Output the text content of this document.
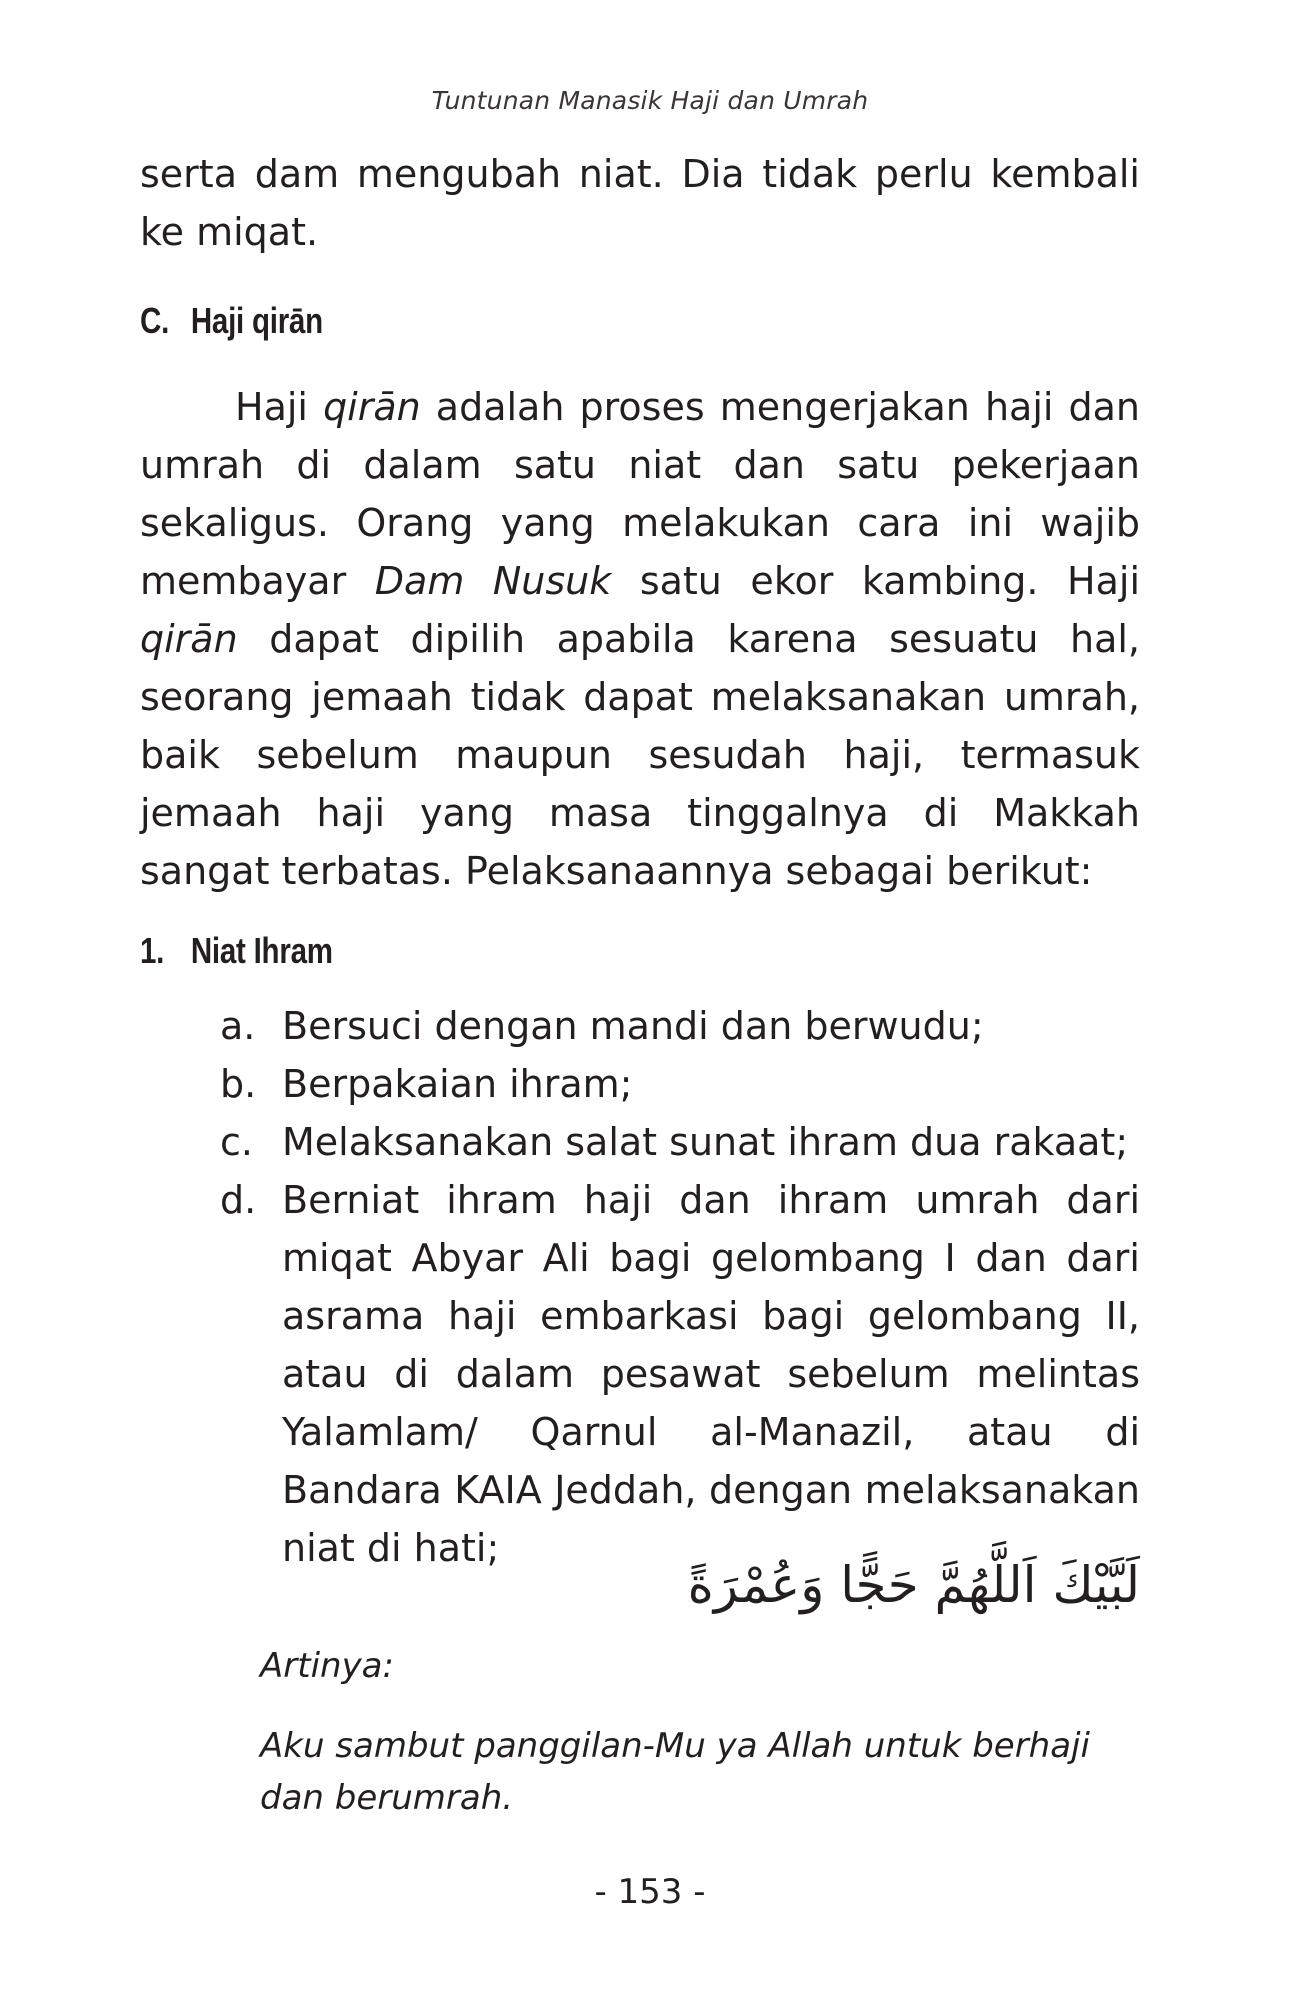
Tuntunan Manasik Haji dan Umrah

serta dam mengubah niat. Dia tidak perlu kembali ke miqat.

C. Haji qirān

Haji qirān adalah proses mengerjakan haji dan umrah di dalam satu niat dan satu pekerjaan sekaligus. Orang yang melakukan cara ini wajib membayar Dam Nusuk satu ekor kambing. Haji qirān dapat dipilih apabila karena sesuatu hal, seorang jemaah tidak dapat melaksanakan umrah, baik sebelum maupun sesudah haji, termasuk jemaah haji yang masa tinggalnya di Makkah sangat terbatas. Pelaksanaannya sebagai berikut:

1. Niat Ihram
a. Bersuci dengan mandi dan berwudu;
b. Berpakaian ihram;
c. Melaksanakan salat sunat ihram dua rakaat;
d. Berniat ihram haji dan ihram umrah dari miqat Abyar Ali bagi gelombang I dan dari asrama haji embarkasi bagi gelombang II, atau di dalam pesawat sebelum melintas Yalamlam/ Qarnul al-Manazil, atau di Bandara KAIA Jeddah, dengan melaksanakan niat di hati;
لَبَّيْكَ اَللَّهُمَّ حَجًّا وَعُمْرَةً
Artinya:
Aku sambut panggilan-Mu ya Allah untuk berhaji dan berumrah.
- 153 -
